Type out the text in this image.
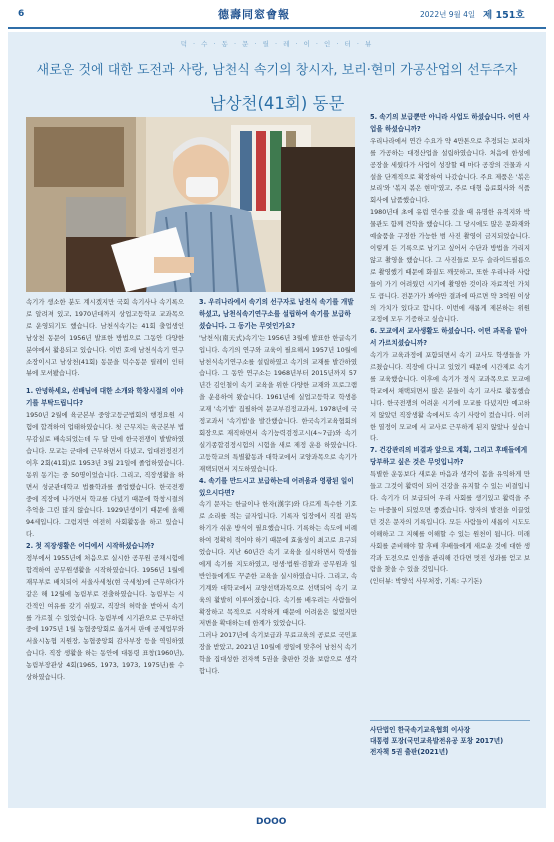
6	德壽同窓會報	2022년 9월 4일 제 151호
덕 · 수 · 동 · 문 · 릴 · 레 · 이 · 인 · 터 · 뷰
새로운 것에 대한 도전과 사랑, 남천식 속기의 창시자, 보리·현미 가공산업의 선두주자
남상천(41회) 동문

속기가 생소한 분도 계시겠지만 국회 속기사나 속기록으로 알려져 있고, 1970년대까지 상업고등학교 교과목으로 운영되기도 했습니다. 남천식속기는 41회 출업생인 남상천 동문이 1956년 발표한 방법으로 그동안 다양한 분야에서 활용되고 있습니다. 이번 호에 남천식속기 연구소장이시고 남상천(41회) 동문을 덕수동문 릴레이 인터뷰에 모셔봤습니다.

1. 안녕하세요, 선배님에 대한 소개와 학창시절의 이야기를 부탁드립니다?

1950년 2월에 육군본부 중앙고등군법회의 행정요원 시험에 합격하여 업태하였습니다. 첫 근무지는 육군본부 법무감실로 배속되었는데 두 달 만에 한국전쟁이 발발하였습니다. 모교는 군대에 근무하면서 다녔고, 입대전정진기 이후 2회(41회)로 1953년 3월 21일에 졸업하였습니다. 동위 동기는 중 50명이었습니다. 그리고, 직장생활을 하면서 성균관대학교 법률학과를 졸업했습니다. 한국전쟁 중에 직장에 나가면서 학교를 다녔기 때문에 학창시절의 추억을 그린 많지 않습니다. 1929년생이기 때문에 올해 94세입니다. 그럼지만 여전히 사회활동을 하고 있습니다.

2. 첫 직장생활은 어디에서 시작하셨습니까?

정부에서 1955년에 처음으로 실시한 공무원 공채시험에 합격하여 공무원생활을 시작하였습니다. 1956년 1월에 재무부로 배치되어 서울사세청(현 국세청)에 근무하다가 같은 해 12월에 농림부로 전출하였습니다. 농림부는 시간적인 여유를 갖기 쉬웠고, 직장의 허락을 받아서 속기를 가르칠 수 있었습니다. 농림부에 시기관으로 근무하던 중에 1975년 1월 농협중앙회로 옮겨서 판매 공제업무와 서울시농협 지원장, 농협중앙회 감사부장 등을 역임하였습니다. 직장 생활을 하는 동안에 대통령 표창(1960년), 농림부장관상 4회(1965, 1973, 1973, 1975년)를 수상하였습니다.

3. 우리나라에서 속기의 선구자로 남천식 속기를 개발하셨고, 남천식속기연구소를 설립하여 속기를 보급하셨습니다. 그 동기는 무엇인가요?

'남천식(南天式)속기'는 1956년 3월에 발표한 한글속기입니다. 속기의 연구와 교육이 필요해서 1957년 10월에 남천식속기연구소를 설립하였고 속기의 교재를 발간하였습니다. 그 동안 연구소는 1968년부터 2015년까지 57년간 김인철이 속기 교육을 위한 다양한 교재와 프로그램을 운용하여 왔습니다. 1961년에 실업고등학교 학생용 교재 '속기법' 집필하여 문교부검정교과서, 1978년에 국정교과서 '속기법'을 발간했습니다. 한국속기교육협회의 회장으로 재직하면서 속기능력검정고시(4~7급)와 속기실기종합검정시험의 시험을 새로 제정 운용 하였습니다. 고등학교의 특별활동과 대학교에서 교양과목으로 속기가 재택되면서 지도하였습니다.

4. 속기를 만드시고 보급하는데 어려움과 영광된 일이 있으시다면?

속기 문자는 한글이나 한자(漢字)와 다르게 특수한 기호로 소리를 적는 글자입니다. 기록자 입장에서 직접 판독하기가 쉬운 방식이 필요했습니다. 기록하는 속도에 비례하여 정확히 적어야 하기 때문에 효율성이 최고로 요구되었습니다. 지난 60년간 속기 교육을 실시하면서 학생들에게 속기를 지도하였고, 평생·법원·검찰과 공무원과 일반인들에게도 꾸준한 교육을 실시하였습니다. 그리고, 속기계와 대학교에서 교양선택과목으로 선택되어 속기 교육의 활발히 이루어졌습니다. 속기를 배우려는 사람들이 확장하고 목적으로 시작하게 때문에 어려움은 없었지만 저변을 확대하는데 한계가 있었습니다.

그러나 2017년에 속기보급과 무료교육의 공로로 국민포장을 받았고, 2021년 10월에 생일에 맞추어 남천식 속기학을 집대성한 전자책 5권을 출판한 것을 보람으로 생각합니다.

5. 속기의 보급뿐만 아니라 사업도 하셨습니다. 어떤 사업을 하셨습니까?

우리나라에서 연간 수요가 약 4만톤으로 추정되는 보리차를 가공하는 대경산업을 설립하였습니다. 처음에 한성에 공장을 세웠다가 사업이 성장할 때 마다 공장의 건물과 시설을 단계적으로 확장하여 나갔습니다. 주요 제품은 '볶은 보리'와 '볶지 볶은 현미'였고, 주로 대형 음료회사와 식품회사에 납품했습니다.

1980년대 초에 유럽 연수를 갔을 때 유명한 유적지와 박물관도 함께 견학을 했습니다. 그 당시에도 많은 문화재와 예술품을 구경한 가능한 범 사진 촬영이 금지되었습니다. 이렇게 든 기록으로 남기고 싶어서 수단과 방법을 가리지 않고 촬영을 했습니다. 그 사진들로 모두 슬라이드필름으로 촬영했기 때문에 화질도 깨끗하고, 또한 우리나라 사람들이 가기 어려웠던 시기에 촬영한 것이라 자료적인 가치도 큽니다. 전문가가 봐야만 결과에 따르면 약 3억원 이상의 가치가 있다고 합니다. 이번에 새롭게 제본하는 위원 교정에 모두 기증하고 싶습니다.

6. 모교에서 교사생활도 하셨습니다. 어떤 과목을 맡아서 가르치셨습니까?

속기가 교육과정에 포함되면서 속기 교사도 학생들을 가르쳤습니다. 직장에 다니고 있었기 때문에 시간제로 속기를 교육했습니다. 이후에 속기가 정식 교과목으로 모교에 학교에서 채택되면서 많은 분들이 속기 교사로 활동했습니다. 한국전쟁의 어려운 시기에 모교를 다녔지만 예고하지 않았던 직장생활 속에서도 속기 사랑이 컸습니다. 이러한 열정이 모교에 서 교사로 근무하게 된지 않았나 싶습니다.

7. 건강관리의 비결과 앞으로 계획, 그리고 후배들에게 당부하고 싶은 것은 무엇입니까?

특별한 운동보다 새로운 마음과 생각이 몸을 유익하게 만들고 그것이 활력이 되어 건강을 유지할 수 있는 비결입니다. 속기가 더 보급되어 우리 사회를 생기있고 활력을 주는 마중물이 되었으면 좋겠습니다. 양자의 발전을 이끌었던 것은 문자의 기록입니다. 모든 사람들이 새롭이 시도도 이해하고 그 지혜를 이해할 수 있는 원천이 됩니다. 미래 사회를 준비해야 할 후배 후배들에게 새로운 것에 대한 생각과 도전으로 인생을 관리해 간다면 멋진 성과를 얻고 보람을 찾을 수 있을 것입니다.

(인터뷰: 박양석 사무처장, 기록: 구기돈)

사단법인 한국속기교육협회 이사장
대통령 포장(국민교육발전유공 포창 2017년)
전자책 5권 출판(2021년)
DOOO
